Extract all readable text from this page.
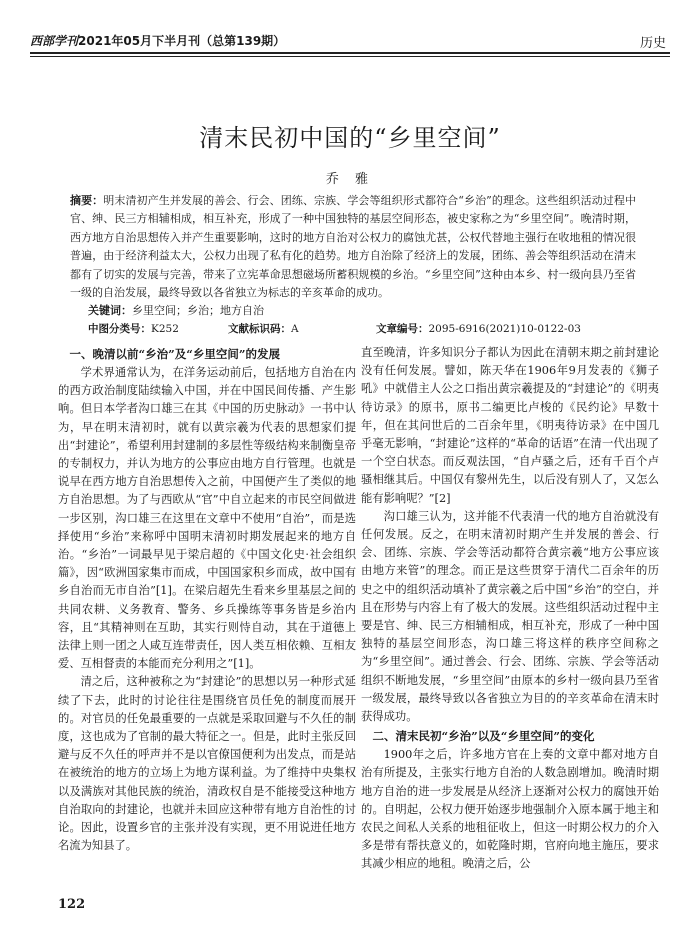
西部学刊2021年05月下半月刊（总第139期）	历史
清末民初中国的“乡里空间”
乔 雅
摘要：明末清初产生并发展的善会、行会、团练、宗族、学会等组织形式都符合“乡治”的理念。这些组织活动过程中官、绅、民三方相辅相成，相互补充，形成了一种中国独特的基层空间形态，被史家称之为“乡里空间”。晚清时期，西方地方自治思想传入并产生重要影响，这时的地方自治对公权力的腐蚀尤甚，公权代替地主强行在收地租的情况很普遍，由于经济利益太大，公权力出现了私有化的趋势。地方自治除了经济上的发展，团练、善会等组织活动在清末都有了切实的发展与完善，带来了立宪革命思想磁场所蓄积规模的乡治。“乡里空间”这种由本乡、村一级向县乃至省一级的自治发展，最终导致以各省独立为标志的辛亥革命的成功。
关键词：乡里空间；乡治；地方自治
中图分类号：K252	文献标识码：A	文章编号：2095-6916(2021)10-0122-03
一、晚清以前“乡治”及“乡里空间”的发展

学术界通常认为，在洋务运动前后，包括地方自治在内的西方政治制度陆续输入中国，并在中国民间传播、产生影响。但日本学者沟口雄三在其《中国的历史脉动》一书中认为，早在明末清初时，就有以黄宗羲为代表的思想家们提出“封建论”，希望利用封建制的多层性等级结构来制衡皇帝的专制权力，并认为地方的公事应由地方自行管理。也就是说早在西方地方自治思想传入之前，中国便产生了类似的地方自治思想。为了与西欧从“官”中自立起来的市民空间做进一步区别，沟口雄三在这里在文章中不使用“自治”，而是选择使用“乡治”来称呼中国明末清初时期发展起来的地方自治。“乡治”一词最早见于梁启超的《中国文化史·社会组织篇》，因“欧洲国家集市而成，中国国家积乡而成，故中国有乡自治而无市自治”[1]。在梁启超先生看来乡里基层之间的共同农耕、义务教育、警务、乡兵操练等事务皆是乡治内容，且“其精神则在互助，其实行则恃自动，其在于道德上法律上则一团之人咸互连带责任，因人类互相依赖、互相友爱、互相督责的本能而充分利用之”[1]。

清之后，这种被称之为“封建论”的思想以另一种形式延续了下去，此时的讨论往往是围绕官员任免的制度而展开的。对官员的任免最重要的一点就是采取回避与不久任的制度，这也成为了官制的最大特征之一。但是，此时主张反回避与反不久任的呼声并不是以官僚国便利为出发点，而是站在被统治的地方的立场上为地方谋利益。为了维持中央集权以及满族对其他民族的统治，清政权自是不能接受这种地方自治取向的封建论，也就并未回应这种带有地方自治性的讨论。因此，设置乡官的主张并没有实现，更不用说进任地方名流为知县了。

直至晚清，许多知识分子都认为因此在清朝末期之前封建论没有任何发展。譬如，陈天华在1906年9月发表的《狮子吼》中就借主人公之口指出黄宗羲提及的“封建论”的《明夷待访录》的原书，原书二编更比卢梭的《民约论》早数十年，但在其问世后的二百余年里，《明夷待访录》在中国几乎毫无影响，“封建论”这样的“革命的话语”在清一代出现了一个空白状态。而反观法国，“自卢骚之后，还有千百个卢骚相继其后。中国仅有黎州先生，以后没有别人了，又怎么能有影响呢？”[2]

沟口雄三认为，这并能不代表清一代的地方自治就没有任何发展。反之，在明末清初时期产生并发展的善会、行会、团练、宗族、学会等活动都符合黄宗羲“地方公事应该由地方来管”的理念。而正是这些贯穿于清代二百余年的历史之中的组织活动填补了黄宗羲之后中国“乡治”的空白，并且在形势与内容上有了极大的发展。这些组织活动过程中主要是官、绅、民三方相辅相成，相互补充，形成了一种中国独特的基层空间形态，沟口雄三将这样的秩序空间称之为“乡里空间”。通过善会、行会、团练、宗族、学会等活动组织不断地发展，“乡里空间”由原本的乡村一级向县乃至省一级发展，最终导致以各省独立为目的的辛亥革命在清末时获得成功。

二、清末民初“乡治”以及“乡里空间”的变化

1900年之后，许多地方官在上奏的文章中都对地方自治有所提及，主张实行地方自治的人数急剧增加。晚清时期地方自治的进一步发展是从经济上逐渐对公权力的腐蚀开始的。自明起，公权力便开始逐步地强制介入原本属于地主和农民之间私人关系的地租征收上，但这一时期公权力的介入多是带有帮扶意义的，如乾隆时期，官府向地主施压，要求其减少相应的地租。晚清之后，公

122
